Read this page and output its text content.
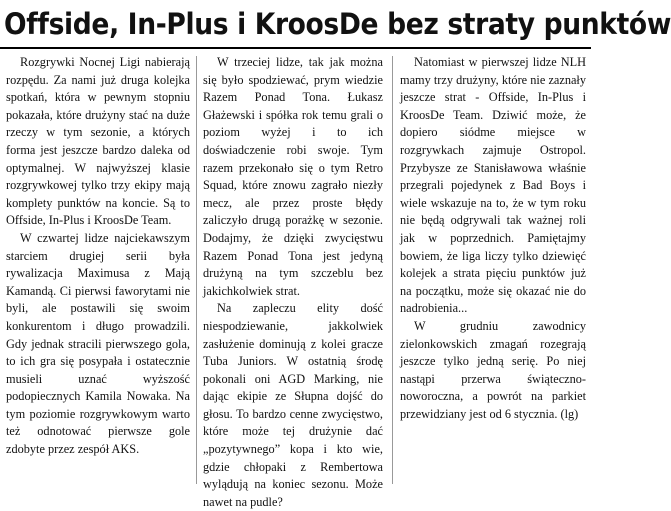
Offside, In-Plus i KroosDe bez straty punktów

Rozgrywki Nocnej Ligi nabierają rozpędu. Za nami już druga kolejka spotkań, która w pewnym stopniu pokazała, które drużyny stać na duże rzeczy w tym sezonie, a których forma jest jeszcze bardzo daleka od optymalnej. W najwyższej klasie rozgrywkowej tylko trzy ekipy mają komplety punktów na koncie. Są to Offside, In-Plus i KroosDe Team.

W czwartej lidze najciekawszym starciem drugiej serii była rywalizacja Maximusa z Mają Kamandą. Ci pierwsi faworytami nie byli, ale postawili się swoim konkurentom i długo prowadzili. Gdy jednak stracili pierwszego gola, to ich gra się posypała i ostatecznie musieli uznać wyższość podopiecznych Kamila Nowaka. Na tym poziomie rozgrywkowym warto też odnotować pierwsze gole zdobyte przez zespół AKS.

W trzeciej lidze, tak jak można się było spodziewać, prym wiedzie Razem Ponad Tona. Łukasz Głażewski i spółka rok temu grali o poziom wyżej i to ich doświadczenie robi swoje. Tym razem przekonało się o tym Retro Squad, które znowu zagrało niezły mecz, ale przez proste błędy zaliczyło drugą porażkę w sezonie. Dodajmy, że dzięki zwycięstwu Razem Ponad Tona jest jedyną drużyną na tym szczeblu bez jakichkolwiek strat.

Na zapleczu elity dość niespodziewanie, jakkolwiek zasłużenie dominują z kolei gracze Tuba Juniors. W ostatnią środę pokonali oni AGD Marking, nie dając ekipie ze Słupna dojść do głosu. To bardzo cenne zwycięstwo, które może tej drużynie dać „pozytywnego” kopa i kto wie, gdzie chłopaki z Rembertowa wylądują na koniec sezonu. Może nawet na pudle?

Natomiast w pierwszej lidze NLH mamy trzy drużyny, które nie zaznały jeszcze strat - Offside, In-Plus i KroosDe Team. Dziwić może, że dopiero siódme miejsce w rozgrywkach zajmuje Ostropol. Przybysze ze Stanisławowa właśnie przegrali pojedynek z Bad Boys i wiele wskazuje na to, że w tym roku nie będą odgrywali tak ważnej roli jak w poprzednich. Pamiętajmy bowiem, że liga liczy tylko dziewięć kolejek a strata pięciu punktów już na początku, może się okazać nie do nadrobienia...

W grudniu zawodnicy zielonkowskich zmagań rozegrają jeszcze tylko jedną serię. Po niej nastąpi przerwa świąteczno-noworoczna, a powrót na parkiet przewidziany jest od 6 stycznia. (lg)
